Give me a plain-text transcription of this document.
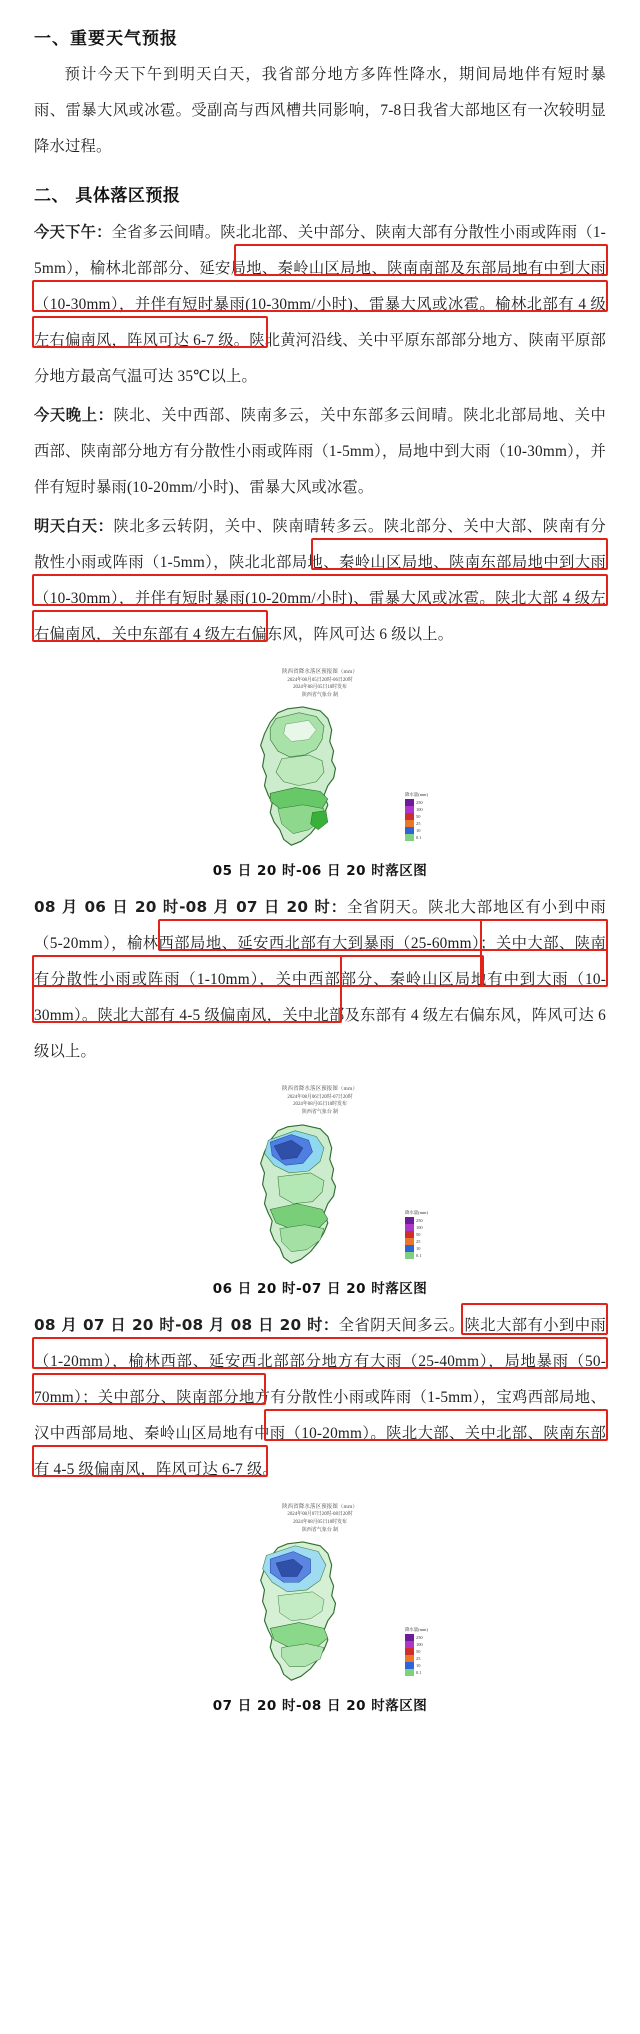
一、重要天气预报

预计今天下午到明天白天，我省部分地方多阵性降水，期间局地伴有短时暴雨、雷暴大风或冰雹。受副高与西风槽共同影响，7-8日我省大部地区有一次较明显降水过程。

二、 具体落区预报

今天下午：全省多云间晴。陕北北部、关中部分、陕南大部有分散性小雨或阵雨（1-5mm），榆林北部部分、延安局地、秦岭山区局地、陕南南部及东部局地有中到大雨（10-30mm），并伴有短时暴雨(10-30mm/小时)、雷暴大风或冰雹。榆林北部有 4 级左右偏南风，阵风可达 6-7 级。陕北黄河沿线、关中平原东部部分地方、陕南平原部分地方最高气温可达 35℃以上。

今天晚上：陕北、关中西部、陕南多云，关中东部多云间晴。陕北北部局地、关中西部、陕南部分地方有分散性小雨或阵雨（1-5mm），局地中到大雨（10-30mm），并伴有短时暴雨(10-20mm/小时)、雷暴大风或冰雹。

明天白天：陕北多云转阴，关中、陕南晴转多云。陕北部分、关中大部、陕南有分散性小雨或阵雨（1-5mm），陕北北部局地、秦岭山区局地、陕南东部局地中到大雨（10-30mm），并伴有短时暴雨(10-20mm/小时)、雷暴大风或冰雹。陕北大部 4 级左右偏南风，关中东部有 4 级左右偏东风，阵风可达 6 级以上。

陕西省降水落区预报图（mm）
2024年08月05日20时-06日20时
2024年08月05日10时发布
陕西省气象台 制
降水量(mm)
250
100
50
25
10
0.1
05 日 20 时-06 日 20 时落区图

08 月 06 日 20 时-08 月 07 日 20 时：全省阴天。陕北大部地区有小到中雨（5-20mm），榆林西部局地、延安西北部有大到暴雨（25-60mm）；关中大部、陕南有分散性小雨或阵雨（1-10mm），关中西部部分、秦岭山区局地有中到大雨（10-30mm）。陕北大部有 4-5 级偏南风，关中北部及东部有 4 级左右偏东风，阵风可达 6 级以上。

陕西省降水落区预报图（mm）
2024年08月06日20时-07日20时
2024年08月05日10时发布
陕西省气象台 制
降水量(mm)
250
100
50
25
10
0.1
06 日 20 时-07 日 20 时落区图

08 月 07 日 20 时-08 月 08 日 20 时：全省阴天间多云。陕北大部有小到中雨（1-20mm），榆林西部、延安西北部部分地方有大雨（25-40mm），局地暴雨（50-70mm）；关中部分、陕南部分地方有分散性小雨或阵雨（1-5mm），宝鸡西部局地、汉中西部局地、秦岭山区局地有中雨（10-20mm）。陕北大部、关中北部、陕南东部有 4-5 级偏南风，阵风可达 6-7 级。

陕西省降水落区预报图（mm）
2024年08月07日20时-08日20时
2024年08月05日10时发布
陕西省气象台 制
降水量(mm)
250
100
50
25
10
0.1
07 日 20 时-08 日 20 时落区图
